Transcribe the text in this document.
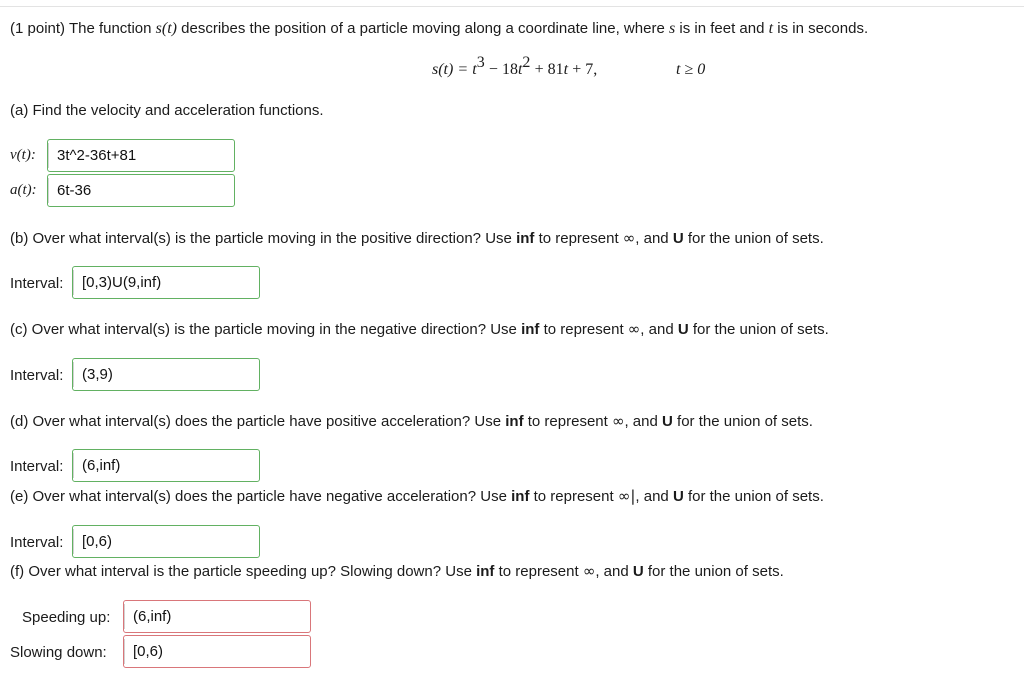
(1 point) The function s(t) describes the position of a particle moving along a coordinate line, where s is in feet and t is in seconds.
$s(t) = t^3 - 18t^2 + 81t + 7$,	t ≥ 0
(a) Find the velocity and acceleration functions.
v(t): 3t^2-36t+81
a(t): 6t-36
(b) Over what interval(s) is the particle moving in the positive direction? Use inf to represent ∞, and U for the union of sets.
Interval: [0,3)U(9,inf)
(c) Over what interval(s) is the particle moving in the negative direction? Use inf to represent ∞, and U for the union of sets.
Interval: (3,9)
(d) Over what interval(s) does the particle have positive acceleration? Use inf to represent ∞, and U for the union of sets.
Interval: (6,inf)
(e) Over what interval(s) does the particle have negative acceleration? Use inf to represent ∞|, and U for the union of sets.
Interval: [0,6)
(f) Over what interval is the particle speeding up? Slowing down? Use inf to represent ∞, and U for the union of sets.
Speeding up: (6,inf)
Slowing down: [0,6)
